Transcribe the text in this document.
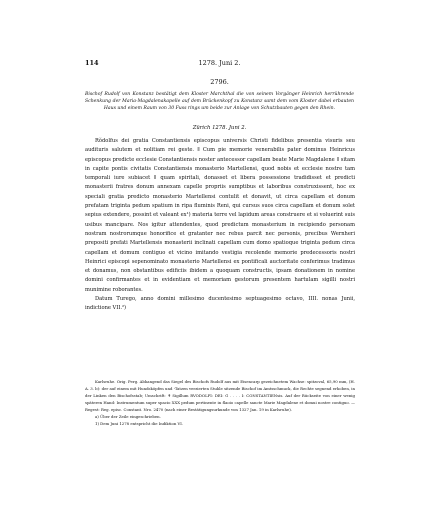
114	1278. Juni 2.
2796.
Bischof Rudolf von Konstanz bestätigt dem Kloster Marchthal die von seinem Vorgänger Heinrich herrührende Schenkung der Maria-Magdalenakapelle auf dem Brückenkopf zu Konstanz samt dem vom Kloster dabei erbauten Haus und einem Raum von 30 Fuss rings um beide zur Anlage von Schutzbauten gegen den Rhein.
Zürich 1278. Juni 2.

Rŏdolfus dei gratia Constantiensis episcopus universis Christi fidelibus presentia visuris seu audituris salutem et nolitiam rei geste. ǁ Cum pie memorie venerabilis pater dominus Heinricus episcopus predicte ecclesie Constantiensis noster antecessor capellam beate Marie Magdalene ǁ sitam in capite pontis civitatis Constantiensis monasterio Martellensi, quod nobis et ecclesie nostre tam temporali iure subiacet ǁ quam spiritali, donasset et libera possessione tradidisset et predicti monasterii fratres donum annexam capelle propriis sumptibus et laboribus construxissent, hoc ex speciali gratia predicto monasterio Martellensi contulit et donavit, ut circa capellam et donum prefatam triginta pedum spatium in ripa fluminis Reni, qui cursus suos circa capellam et donum solet sepius extendere, possint et valeant ex¹) materia terre vel lapidum areas construere et si voluerint suis usibus mancipare. Nos igitur attendentes, quod predictum monasterium in recipiendo personam nostram nostrorumque honorifice et gratanter nec rebus parcit nec personis, precibus Wernheri prepositi prefati Martellensis monasterii inclinati capellam cum domo spatioque triginta pedum circa capellam et domum contiguo et vicino imitando vestigia recolende memorie predecessoris nostri Heinrici episcopi sepenominato monasterio Martellensi ex pontificali auctoritate conferimus tradimus et donamus, non obstantibus edificiis ibidem a quoquam constructis, ipsam donationem in nomine domini confirmantes et in evidentiam et memoriam gestorum presentem hartulam sigilli nostri munimine roborantes.

Datum Turego, anno domini millesimo ducentesimo septuagesimo octavo, IIII. nonas Junii, indictione VII.²)

Karlsruhe. Orig. Perg. Abhangend das Siegel des Bischofs Rudolf aus mit Eisencarp gezeichnetem Wachse: spitzoval, 65,90 mm, (H. A. 3. b): der auf einem mit Hundsköpfen und -Tatzen verzierten Stuhle sitzende Bischof im Amtsschmuck, die Rechte segnend erhoben, in der Linken den Bischofsstab; Umschrift: ✝ Sigillum RVODOLFI: DEI: G . . . . I: CONSTANTIENsis. Auf der Rückseite von einer wenig späteren Hand: Instrumentum super spacio XXX pedum pertinente in flaoio capelle sancte Marie Magdalene et domui nostre contiguo. — Regest: Reg. episc. Constant. Nro. 2470 (nach einer Bestätigungsurkunde von 1327 Jan. 19 in Karlsruhe).

a) Über der Zeile eingeschrieben.

1) Dem Juni 1278 entspricht die Indiktion VI.
